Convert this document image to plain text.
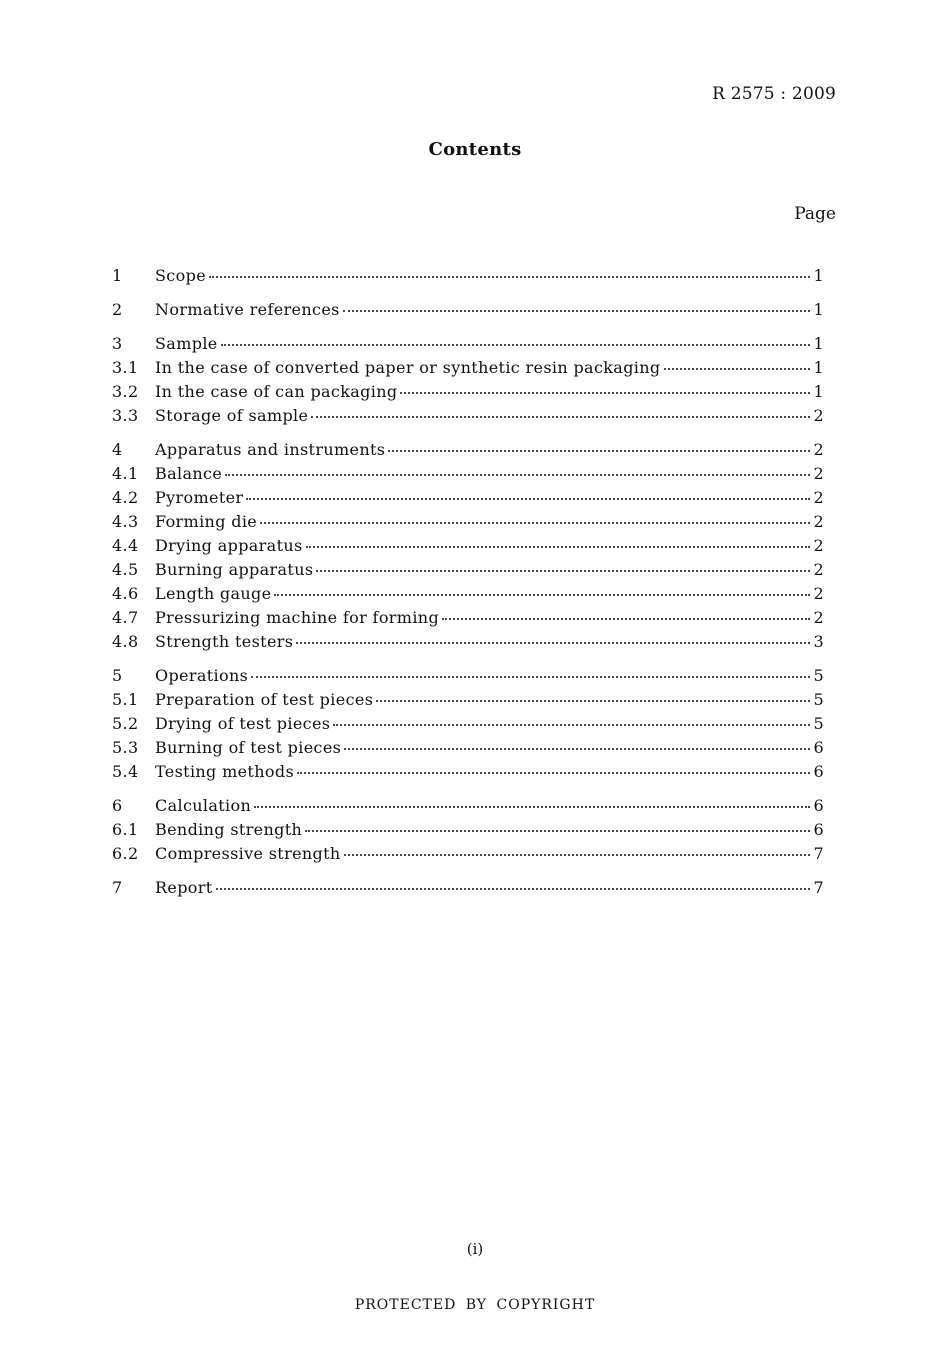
R 2575 : 2009
Contents
Page
1	Scope	1
2	Normative references	1
3	Sample	1
3.1	In the case of converted paper or synthetic resin packaging	1
3.2	In the case of can packaging	1
3.3	Storage of sample	2
4	Apparatus and instruments	2
4.1	Balance	2
4.2	Pyrometer	2
4.3	Forming die	2
4.4	Drying apparatus	2
4.5	Burning apparatus	2
4.6	Length gauge	2
4.7	Pressurizing machine for forming	2
4.8	Strength testers	3
5	Operations	5
5.1	Preparation of test pieces	5
5.2	Drying of test pieces	5
5.3	Burning of test pieces	6
5.4	Testing methods	6
6	Calculation	6
6.1	Bending strength	6
6.2	Compressive strength	7
7	Report	7
(i)
PROTECTED BY COPYRIGHT
